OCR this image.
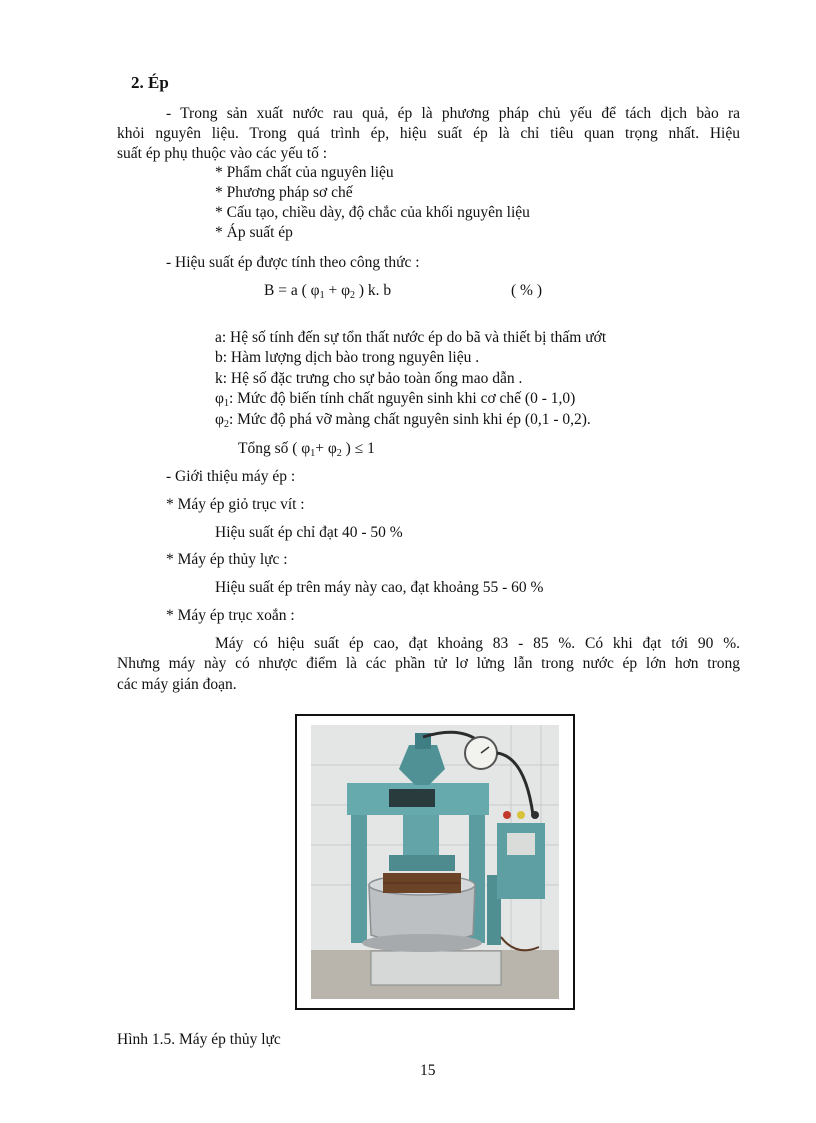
2. Ép
- Trong sản xuất nước rau quả, ép là phương pháp chủ yếu để tách dịch bào ra
khỏi nguyên liệu. Trong quá trình ép, hiệu suất ép là chỉ tiêu quan trọng nhất. Hiệu
suất ép phụ thuộc vào các yếu tố :
* Phẩm chất của nguyên liệu
* Phương pháp sơ chế
* Cấu tạo, chiều dày, độ chắc của khối nguyên liệu
* Áp suất ép
- Hiệu suất ép được tính theo công thức :
B = a ( $\varphi_1 + \varphi_2$ ) k. b	( % )
a: Hệ số tính đến sự tổn thất nước ép do bã và thiết bị thấm ướt
b: Hàm lượng dịch bào trong nguyên liệu .
k: Hệ số đặc trưng cho sự bảo toàn ống mao dẫn .
$\varphi_1$: Mức độ biến tính chất nguyên sinh khi cơ chế (0 - 1,0)
$\varphi_2$: Mức độ phá vỡ màng chất nguyên sinh khi ép (0,1 - 0,2).
Tổng số ( $\varphi_1+ \varphi_2$ ) ≤ 1
- Giới thiệu máy ép :
* Máy ép giỏ trục vít :
Hiệu suất ép chỉ đạt 40 - 50 %
* Máy ép thủy lực :
Hiệu suất ép trên máy này cao, đạt khoảng 55 - 60 %
* Máy ép trục xoắn :
Máy có hiệu suất ép cao, đạt khoảng 83 - 85 %. Có khi đạt tới 90 %.
Nhưng máy này có nhược điểm là các phần tử lơ lửng lẫn trong nước ép lớn hơn trong
các máy gián đoạn.
Hình 1.5. Máy ép thủy lực
15
